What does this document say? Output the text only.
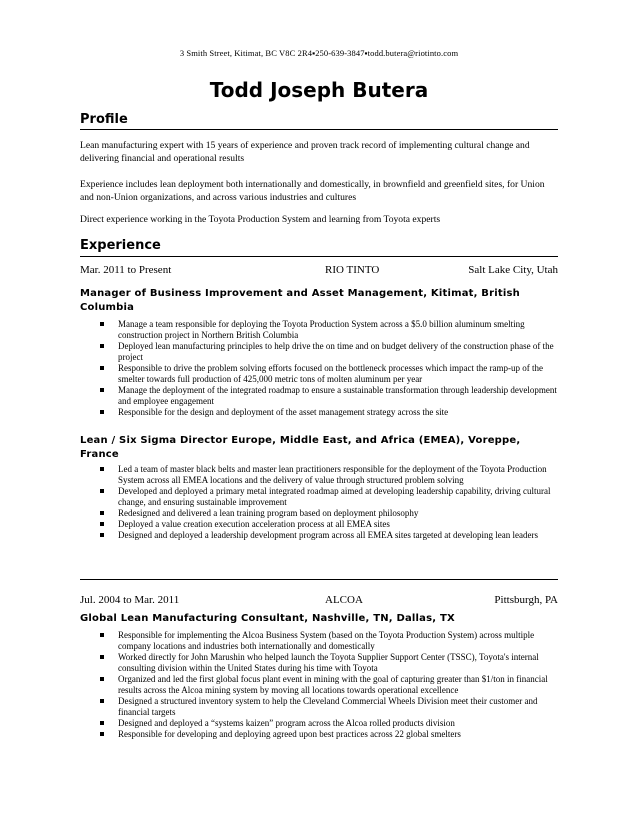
3 Smith Street, Kitimat, BC V8C 2R4▪250-639-3847▪todd.butera@riotinto.com
Todd Joseph Butera
Profile
Lean manufacturing expert with 15 years of experience and proven track record of implementing cultural change and delivering financial and operational results
Experience includes lean deployment both internationally and domestically, in brownfield and greenfield sites, for Union and non-Union organizations, and across various industries and cultures
Direct experience working in the Toyota Production System and learning from Toyota experts
Experience
Mar. 2011 to Present	RIO TINTO	Salt Lake City, Utah
Manager of Business Improvement and Asset Management, Kitimat, British Columbia
Manage a team responsible for deploying the Toyota Production System across a $5.0 billion aluminum smelting construction project in Northern British Columbia
Deployed lean manufacturing principles to help drive the on time and on budget delivery of the construction phase of the project
Responsible to drive the problem solving efforts focused on the bottleneck processes which impact the ramp-up of the smelter towards full production of 425,000 metric tons of molten aluminum per year
Manage the deployment of the integrated roadmap to ensure a sustainable transformation through leadership development and employee engagement
Responsible for the design and deployment of the asset management strategy across the site
Lean / Six Sigma Director Europe, Middle East, and Africa (EMEA), Voreppe, France
Led a team of master black belts and master lean practitioners responsible for the deployment of the Toyota Production System across all EMEA locations and the delivery of value through structured problem solving
Developed and deployed a primary metal integrated roadmap aimed at developing leadership capability, driving cultural change, and ensuring sustainable improvement
Redesigned and delivered a lean training program based on deployment philosophy
Deployed a value creation execution acceleration process at all EMEA sites
Designed and deployed a leadership development program across all EMEA sites targeted at developing lean leaders
Jul. 2004 to Mar. 2011	ALCOA	Pittsburgh, PA
Global Lean Manufacturing Consultant, Nashville, TN, Dallas, TX
Responsible for implementing the Alcoa Business System (based on the Toyota Production System) across multiple company locations and industries both internationally and domestically
Worked directly for John Marushin who helped launch the Toyota Supplier Support Center (TSSC), Toyota's internal consulting division within the United States during his time with Toyota
Organized and led the first global focus plant event in mining with the goal of capturing greater than $1/ton in financial results across the Alcoa mining system by moving all locations towards operational excellence
Designed a structured inventory system to help the Cleveland Commercial Wheels Division meet their customer and financial targets
Designed and deployed a “systems kaizen” program across the Alcoa rolled products division
Responsible for developing and deploying agreed upon best practices across 22 global smelters
